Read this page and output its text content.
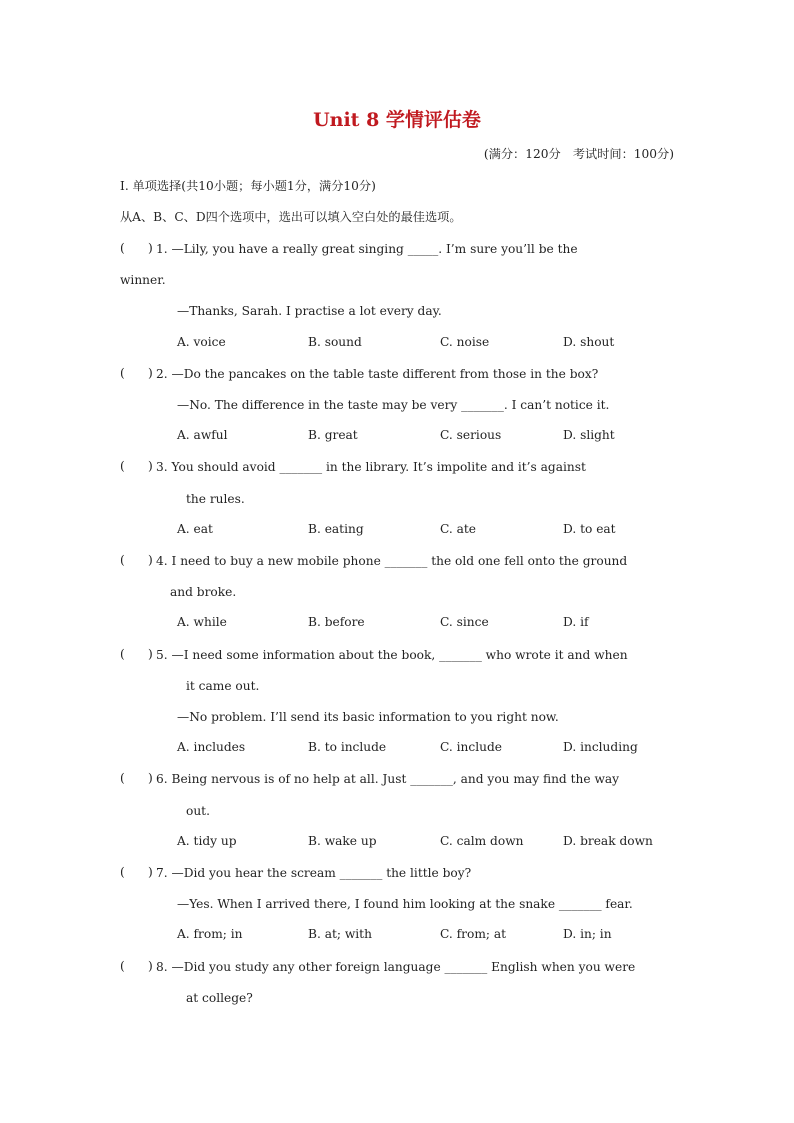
Unit 8 学情评估卷
(满分：120分　考试时间：100分)
I. 单项选择(共10小题；每小题1分，满分10分)
从A、B、C、D四个选项中，选出可以填入空白处的最佳选项。
(      ) 1. —Lily, you have a really great singing _____. I’m sure you’ll be the
winner.
—Thanks, Sarah. I practise a lot every day.
A. voice	B. sound	C. noise	D. shout
(      ) 2. —Do the pancakes on the table taste different from those in the box?
—No. The difference in the taste may be very _______. I can’t notice it.
A. awful	B. great	C. serious	D. slight
(      ) 3. You should avoid _______ in the library. It’s impolite and it’s against
the rules.
A. eat	B. eating	C. ate	D. to eat
(      ) 4. I need to buy a new mobile phone _______ the old one fell onto the ground
and broke.
A. while	B. before	C. since	D. if
(      ) 5. —I need some information about the book, _______ who wrote it and when
it came out.
—No problem. I’ll send its basic information to you right now.
A. includes	B. to include	C. include	D. including
(      ) 6. Being nervous is of no help at all. Just _______, and you may find the way
out.
A. tidy up	B. wake up	C. calm down	D. break down
(      ) 7. —Did you hear the scream _______ the little boy?
—Yes. When I arrived there, I found him looking at the snake _______ fear.
A. from; in	B. at; with	C. from; at	D. in; in
(      ) 8. —Did you study any other foreign language _______ English when you were
at college?
